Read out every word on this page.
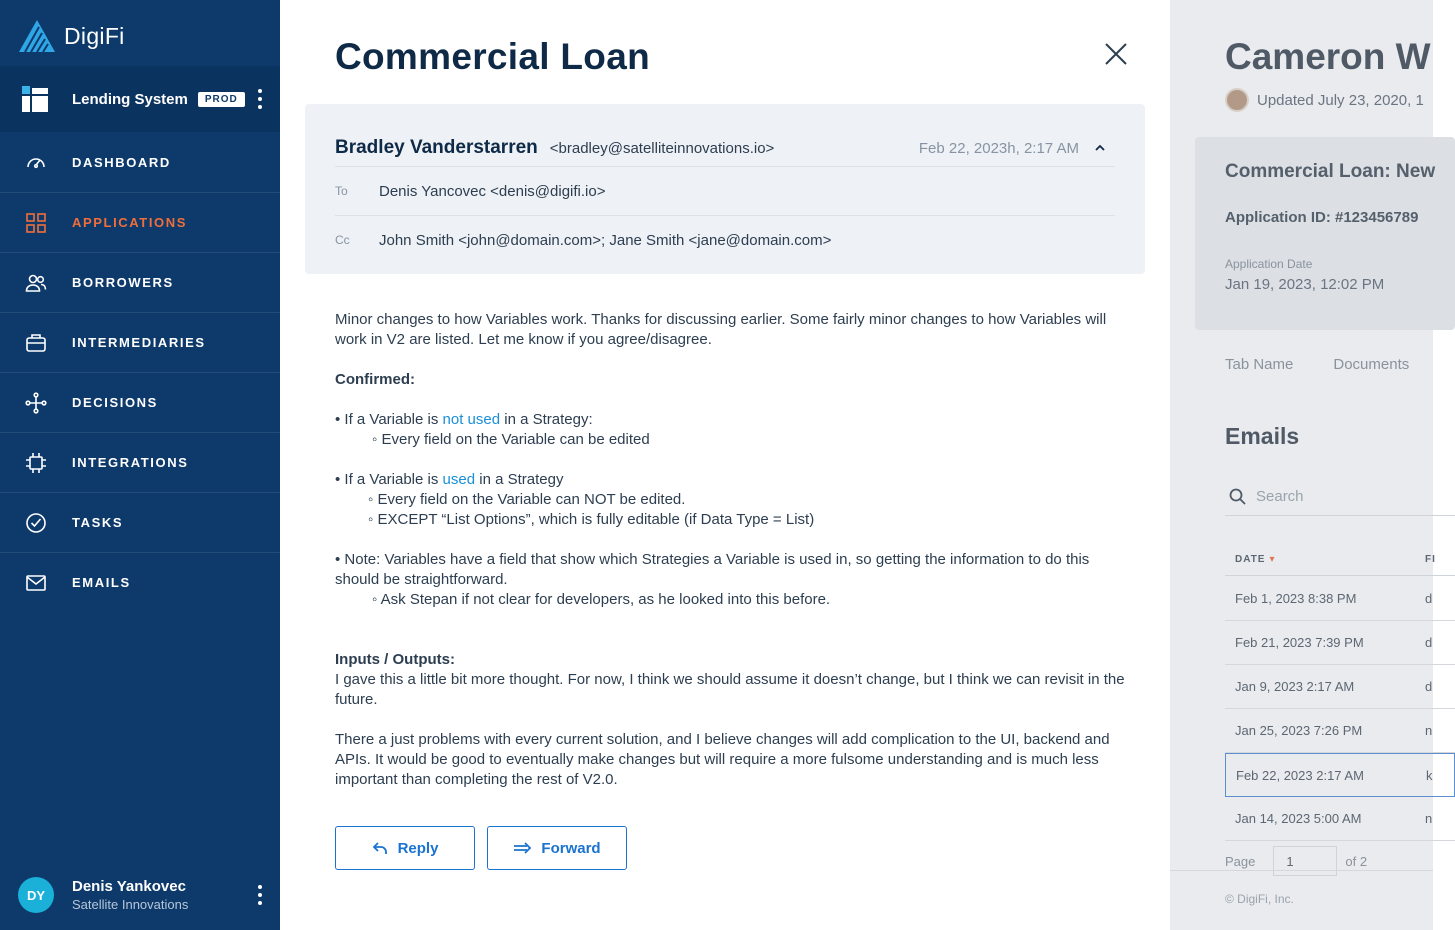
DigiFi
Lending System	PROD
DASHBOARD
APPLICATIONS
BORROWERS
INTERMEDIARIES
DECISIONS
INTEGRATIONS
TASKS
EMAILS
DY	Denis Yankovec
Satellite Innovations
Commercial Loan
Bradley Vanderstarren <bradley@satelliteinnovations.io>	Feb 22, 2023h, 2:17 AM
To	Denis Yancovec <denis@digifi.io>
Cc	John Smith <john@domain.com>; Jane Smith <jane@domain.com>

Minor changes to how Variables work. Thanks for discussing earlier. Some fairly minor changes to how Variables will work in V2 are listed. Let me know if you agree/disagree.

Confirmed:

• If a Variable is not used in a Strategy:

◦ Every field on the Variable can be edited

• If a Variable is used in a Strategy

◦ Every field on the Variable can NOT be edited.

◦ EXCEPT “List Options”, which is fully editable (if Data Type = List)

• Note: Variables have a field that show which Strategies a Variable is used in, so getting the information to do this should be straightforward.

◦ Ask Stepan if not clear for developers, as he looked into this before.

Inputs / Outputs:

I gave this a little bit more thought. For now, I think we should assume it doesn’t change, but I think we can revisit in the future.

There a just problems with every current solution, and I believe changes will add complication to the UI, backend and APIs. It would be good to eventually make changes but will require a more fulsome understanding and is much less important than completing the rest of V2.0.

Reply	Forward
Cameron W
Updated July 23, 2020, 1
Commercial Loan: New
Application ID: #123456789
Application Date
Jan 19, 2023, 12:02 PM
Tab Name	Documents
Emails
Search
DATE ▾	FI
Feb 1, 2023 8:38 PM	d
Feb 21, 2023 7:39 PM	d
Jan 9, 2023 2:17 AM	d
Jan 25, 2023 7:26 PM	n
Feb 22, 2023 2:17 AM	k
Jan 14, 2023 5:00 AM	n
Page	1	of 2
© DigiFi, Inc.
